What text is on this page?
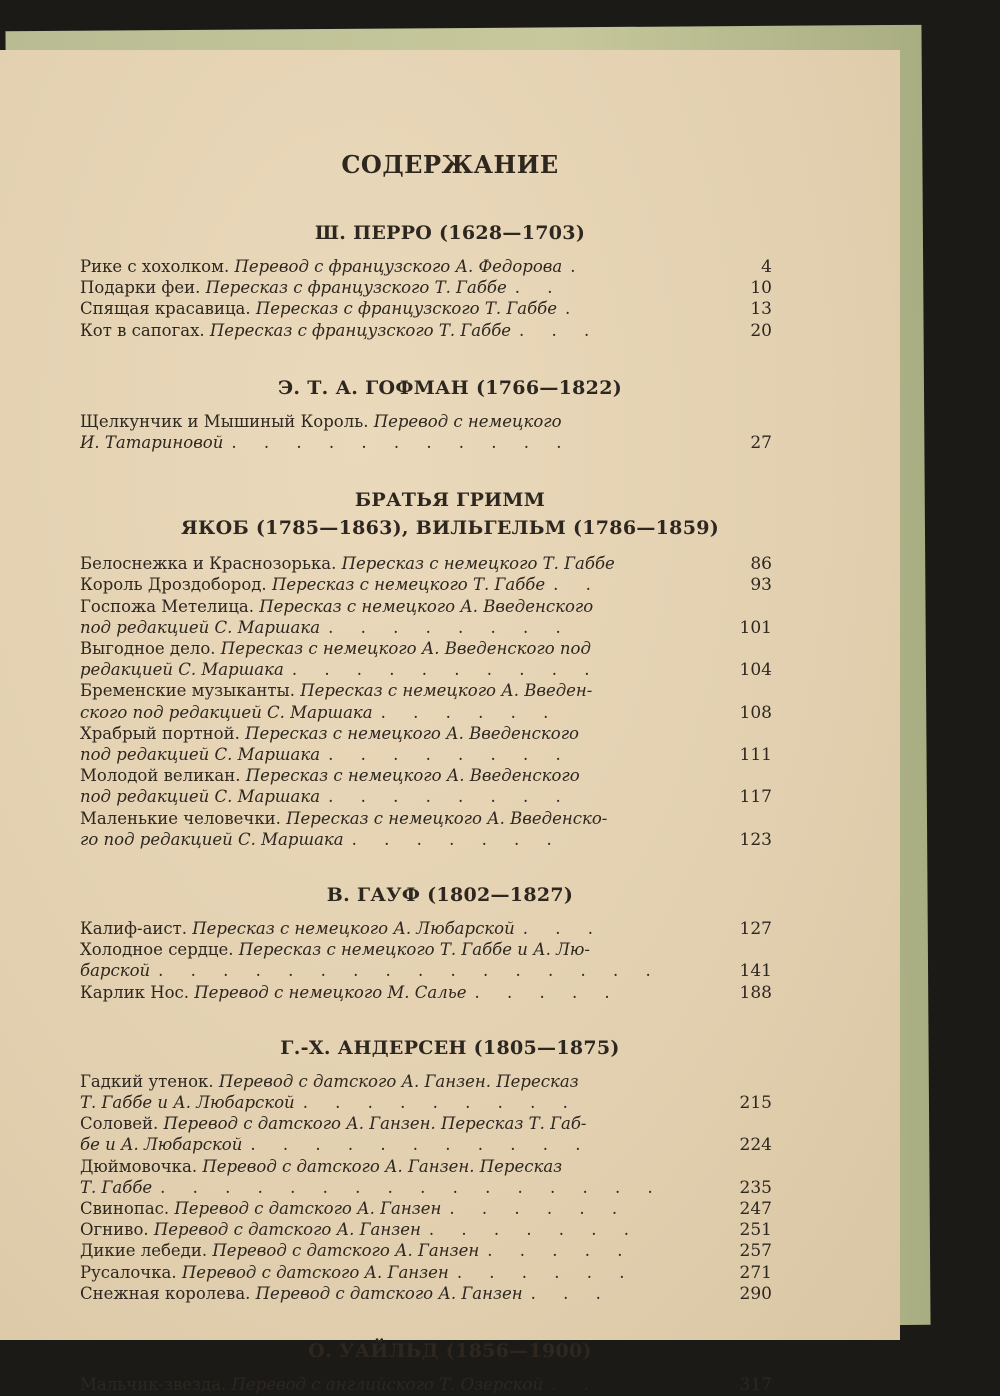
СОДЕРЖАНИЕ
Ш. ПЕРРО (1628—1703)
Рике с хохолком. Перевод с французского А. Федорова .	4
Подарки феи. Пересказ с французского Т. Габбе . .	10
Спящая красавица. Пересказ с французского Т. Габбе .	13
Кот в сапогах. Пересказ с французского Т. Габбе . . .	20
Э. Т. А. ГОФМАН (1766—1822)
Щелкунчик и Мышиный Король. Перевод с немецкого
И. Татариновой . . . . . . . . . . .	27
БРАТЬЯ ГРИММ
ЯКОБ (1785—1863), ВИЛЬГЕЛЬМ (1786—1859)
Белоснежка и Краснозорька. Пересказ с немецкого Т. Габбе	86
Король Дроздобород. Пересказ с немецкого Т. Габбе . .	93
Госпожа Метелица. Пересказ с немецкого А. Введенского
под редакцией С. Маршака . . . . . . . .	101
Выгодное дело. Пересказ с немецкого А. Введенского под
редакцией С. Маршака . . . . . . . . . .	104
Бременские музыканты. Пересказ с немецкого А. Введен-
ского под редакцией С. Маршака . . . . . .	108
Храбрый портной. Пересказ с немецкого А. Введенского
под редакцией С. Маршака . . . . . . . .	111
Молодой великан. Пересказ с немецкого А. Введенского
под редакцией С. Маршака . . . . . . . .	117
Маленькие человечки. Пересказ с немецкого А. Введенско-
го под редакцией С. Маршака . . . . . . .	123
В. ГАУФ (1802—1827)
Калиф-аист. Пересказ с немецкого А. Любарской . . .	127
Холодное сердце. Пересказ с немецкого Т. Габбе и А. Лю-
барской . . . . . . . . . . . . . . . .	141
Карлик Нос. Перевод с немецкого М. Салье . . . . .	188
Г.-Х. АНДЕРСЕН (1805—1875)
Гадкий утенок. Перевод с датского А. Ганзен. Пересказ
Т. Габбе и А. Любарской . . . . . . . . .	215
Соловей. Перевод с датского А. Ганзен. Пересказ Т. Габ-
бе и А. Любарской . . . . . . . . . . .	224
Дюймовочка. Перевод с датского А. Ганзен. Пересказ
Т. Габбе . . . . . . . . . . . . . . . .	235
Свинопас. Перевод с датского А. Ганзен . . . . . .	247
Огниво. Перевод с датского А. Ганзен . . . . . . .	251
Дикие лебеди. Перевод с датского А. Ганзен . . . . .	257
Русалочка. Перевод с датского А. Ганзен . . . . . .	271
Снежная королева. Перевод с датского А. Ганзен . . .	290
О. УАЙЛЬД (1856—1900)
Мальчик-звезда. Перевод с английского Т. Озерской . .	317
